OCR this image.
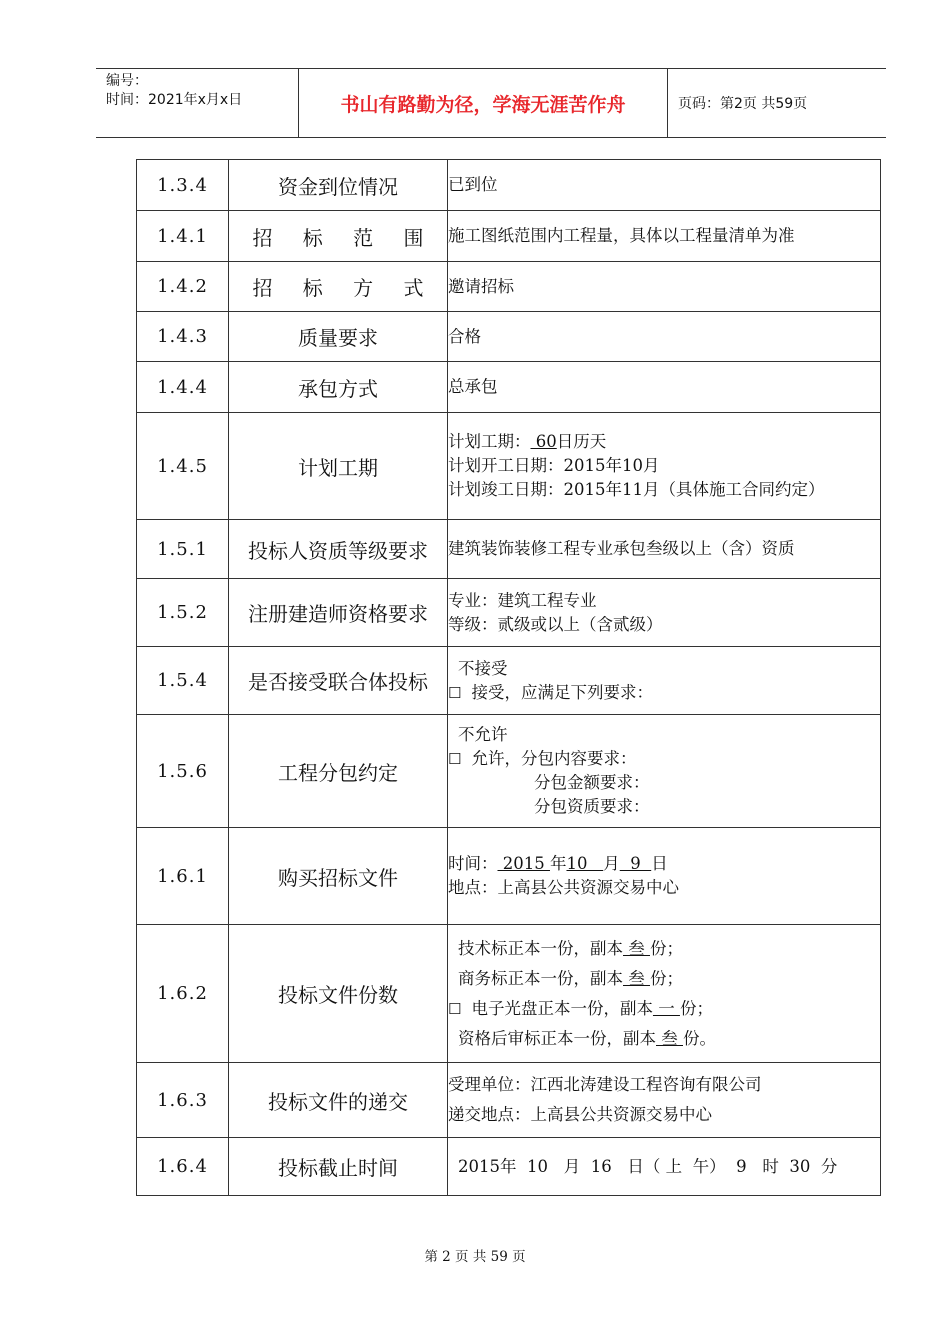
编号：
时间：2021年x月x日	书山有路勤为径，学海无涯苦作舟	页码：第2页 共59页
1.3.4	资金到位情况	已到位

1.4.1	招 标 范 围	施工图纸范围内工程量，具体以工程量清单为准

1.4.2	招 标 方 式	邀请招标

1.4.3	质量要求	合格

1.4.4	承包方式	总承包

1.4.5	计划工期	计划工期： 60日历天
计划开工日期：2015年10月
计划竣工日期：2015年11月（具体施工合同约定）

1.5.1	投标人资质等级要求	建筑装饰装修工程专业承包叁级以上（含）资质

1.5.2	注册建造师资格要求	专业：建筑工程专业
等级：贰级或以上（含贰级）

1.5.4	是否接受联合体投标	不接受
☐ 接受，应满足下列要求：

1.5.6	工程分包约定	不允许
☐ 允许，分包内容要求：
分包金额要求：
分包资质要求：

1.6.1	购买招标文件	时间： 2015 年10   月  9  日
地点：上高县公共资源交易中心

1.6.2	投标文件份数	技术标正本一份，副本 叁 份；
商务标正本一份，副本 叁 份；
☐ 电子光盘正本一份，副本 一 份；
资格后审标正本一份，副本 叁 份。

1.6.3	投标文件的递交	受理单位：江西北涛建设工程咨询有限公司
递交地点：上高县公共资源交易中心

1.6.4	投标截止时间	2015年  10   月  16   日（ 上  午）  9   时  30  分
第 2 页 共 59 页
